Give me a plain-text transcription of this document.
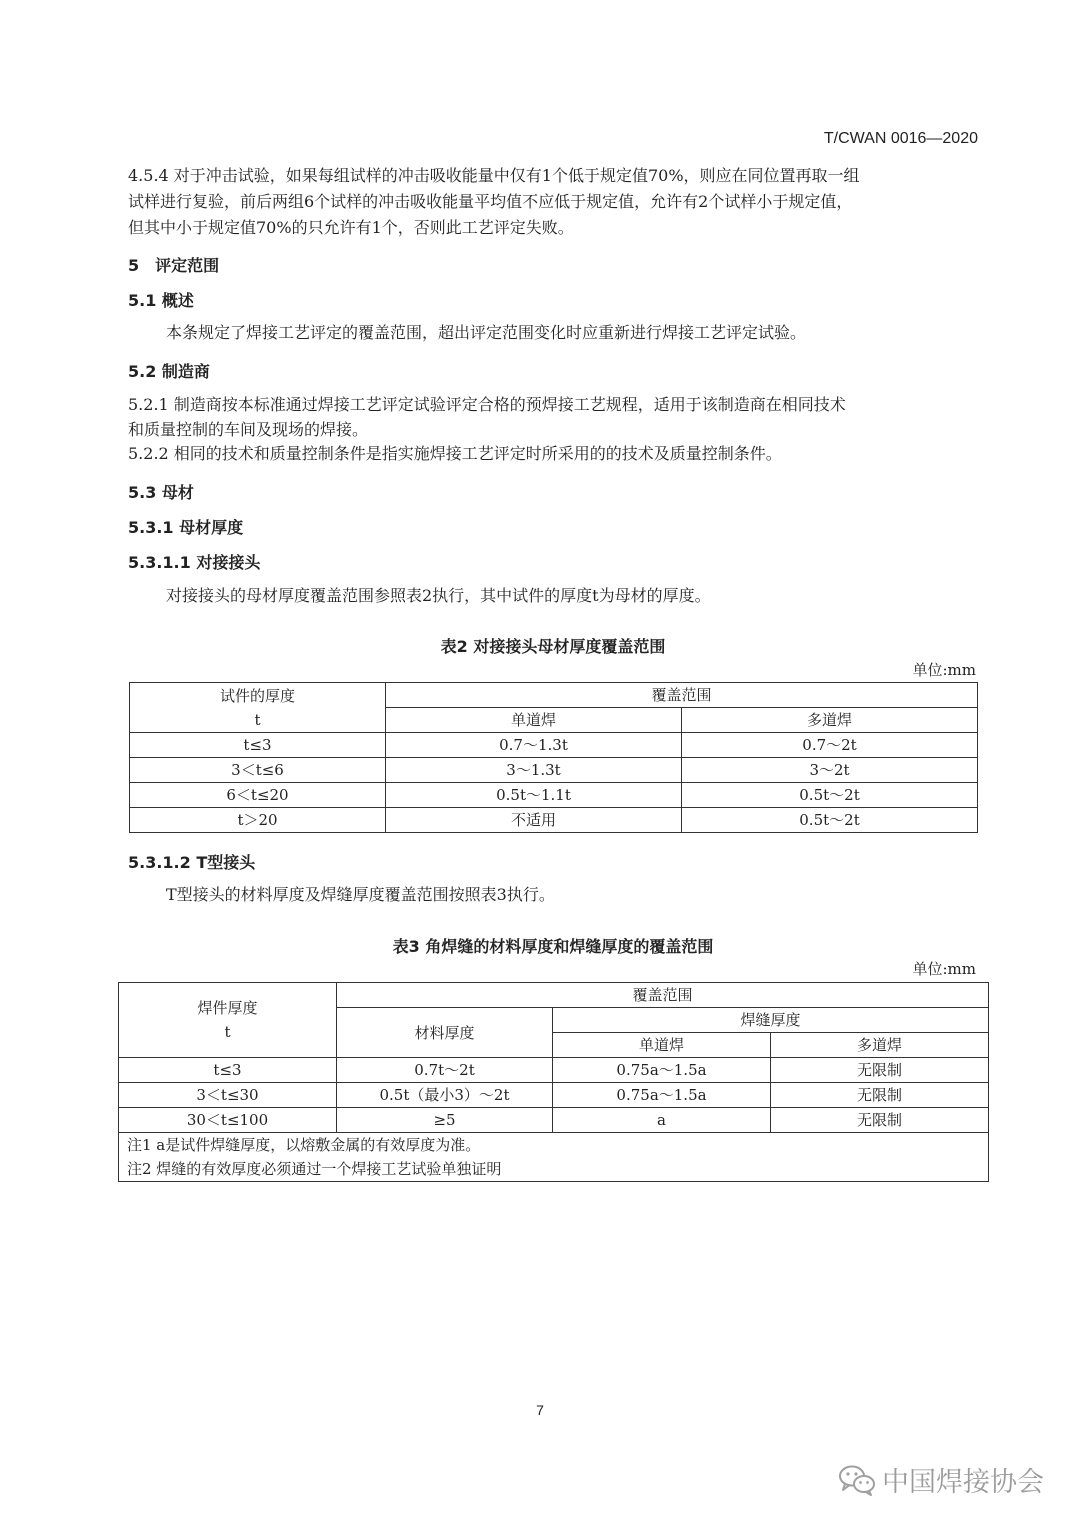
T/CWAN 0016—2020
4.5.4 对于冲击试验，如果每组试样的冲击吸收能量中仅有1个低于规定值70%，则应在同位置再取一组
试样进行复验，前后两组6个试样的冲击吸收能量平均值不应低于规定值，允许有2个试样小于规定值，
但其中小于规定值70%的只允许有1个，否则此工艺评定失败。
5　评定范围
5.1 概述
本条规定了焊接工艺评定的覆盖范围，超出评定范围变化时应重新进行焊接工艺评定试验。
5.2 制造商
5.2.1 制造商按本标准通过焊接工艺评定试验评定合格的预焊接工艺规程，适用于该制造商在相同技术
和质量控制的车间及现场的焊接。
5.2.2 相同的技术和质量控制条件是指实施焊接工艺评定时所采用的的技术及质量控制条件。
5.3 母材
5.3.1 母材厚度
5.3.1.1 对接接头
对接接头的母材厚度覆盖范围参照表2执行，其中试件的厚度t为母材的厚度。
表2 对接接头母材厚度覆盖范围
单位:mm
试件的厚度
t	覆盖范围	
	单道焊	多道焊
t≤3	0.7～1.3t	0.7～2t
3＜t≤6	3～1.3t	3～2t
6＜t≤20	0.5t～1.1t	0.5t～2t
t＞20	不适用	0.5t～2t
5.3.1.2 T型接头
T型接头的材料厚度及焊缝厚度覆盖范围按照表3执行。
表3 角焊缝的材料厚度和焊缝厚度的覆盖范围
单位:mm
焊件厚度
t	覆盖范围		
	材料厚度	焊缝厚度	
		单道焊	多道焊
t≤3	0.7t～2t	0.75a～1.5a	无限制
3＜t≤30	0.5t（最小3）～2t	0.75a～1.5a	无限制
30＜t≤100	≥5	a	无限制
注1 a是试件焊缝厚度，以熔敷金属的有效厚度为准。			
注2 焊缝的有效厚度必须通过一个焊接工艺试验单独证明			
7
中国焊接协会
